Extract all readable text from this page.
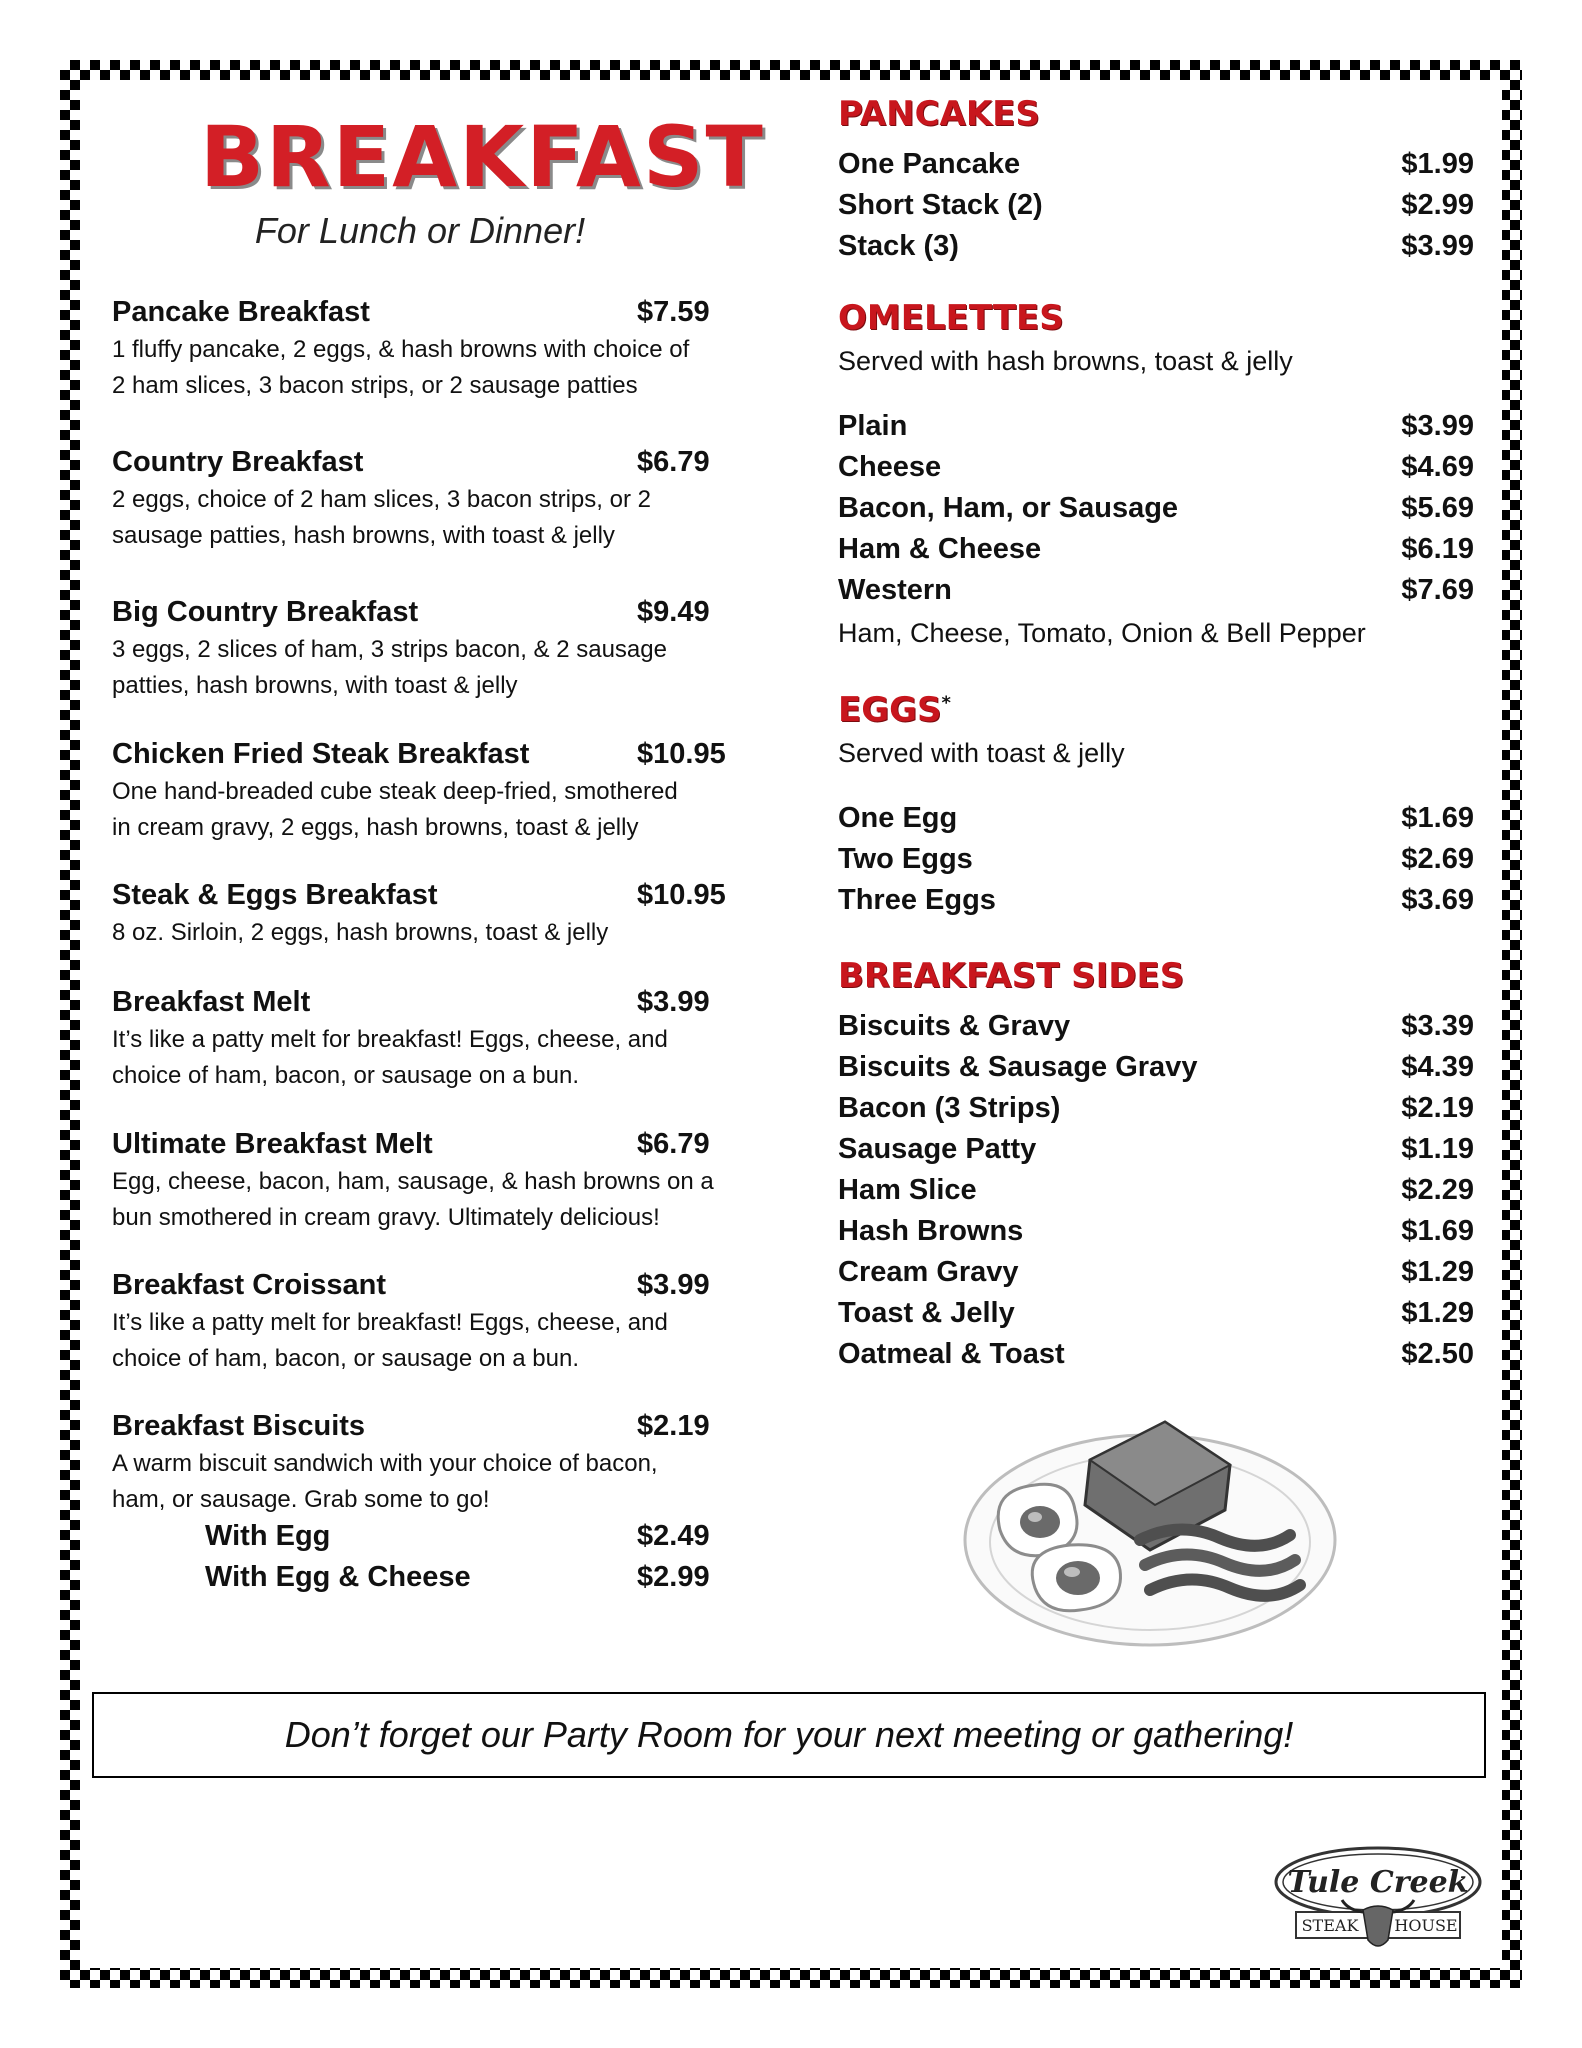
BREAKFAST
For Lunch or Dinner!
Pancake Breakfast	$7.59
1 fluffy pancake, 2 eggs, & hash browns with choice of
2 ham slices, 3 bacon strips, or 2 sausage patties
Country Breakfast	$6.79
2 eggs, choice of 2 ham slices, 3 bacon strips, or 2
sausage patties, hash browns, with toast & jelly
Big Country Breakfast	$9.49
3 eggs, 2 slices of ham, 3 strips bacon, & 2 sausage
patties, hash browns, with toast & jelly
Chicken Fried Steak Breakfast	$10.95
One hand-breaded cube steak deep-fried, smothered
in cream gravy, 2 eggs, hash browns, toast & jelly
Steak & Eggs Breakfast	$10.95
8 oz. Sirloin, 2 eggs, hash browns, toast & jelly
Breakfast Melt	$3.99
It’s like a patty melt for breakfast! Eggs, cheese, and
choice of ham, bacon, or sausage on a bun.
Ultimate Breakfast Melt	$6.79
Egg, cheese, bacon, ham, sausage, & hash browns on a
bun smothered in cream gravy. Ultimately delicious!
Breakfast Croissant	$3.99
It’s like a patty melt for breakfast! Eggs, cheese, and
choice of ham, bacon, or sausage on a bun.
Breakfast Biscuits	$2.19
A warm biscuit sandwich with your choice of bacon,
ham, or sausage. Grab some to go!
With Egg	$2.49
With Egg & Cheese	$2.99
PANCAKES
One Pancake	$1.99
Short Stack (2)	$2.99
Stack (3)	$3.99
OMELETTES
Served with hash browns, toast & jelly
Plain	$3.99
Cheese	$4.69
Bacon, Ham, or Sausage	$5.69
Ham & Cheese	$6.19
Western	$7.69
Ham, Cheese, Tomato, Onion & Bell Pepper
EGGS*
Served with toast & jelly
One Egg	$1.69
Two Eggs	$2.69
Three Eggs	$3.69
BREAKFAST SIDES
Biscuits & Gravy	$3.39
Biscuits & Sausage Gravy	$4.39
Bacon (3 Strips)	$2.19
Sausage Patty	$1.19
Ham Slice	$2.29
Hash Browns	$1.69
Cream Gravy	$1.29
Toast & Jelly	$1.29
Oatmeal & Toast	$2.50
Don’t forget our Party Room for your next meeting or gathering!
Tule Creek
STEAK HOUSE
